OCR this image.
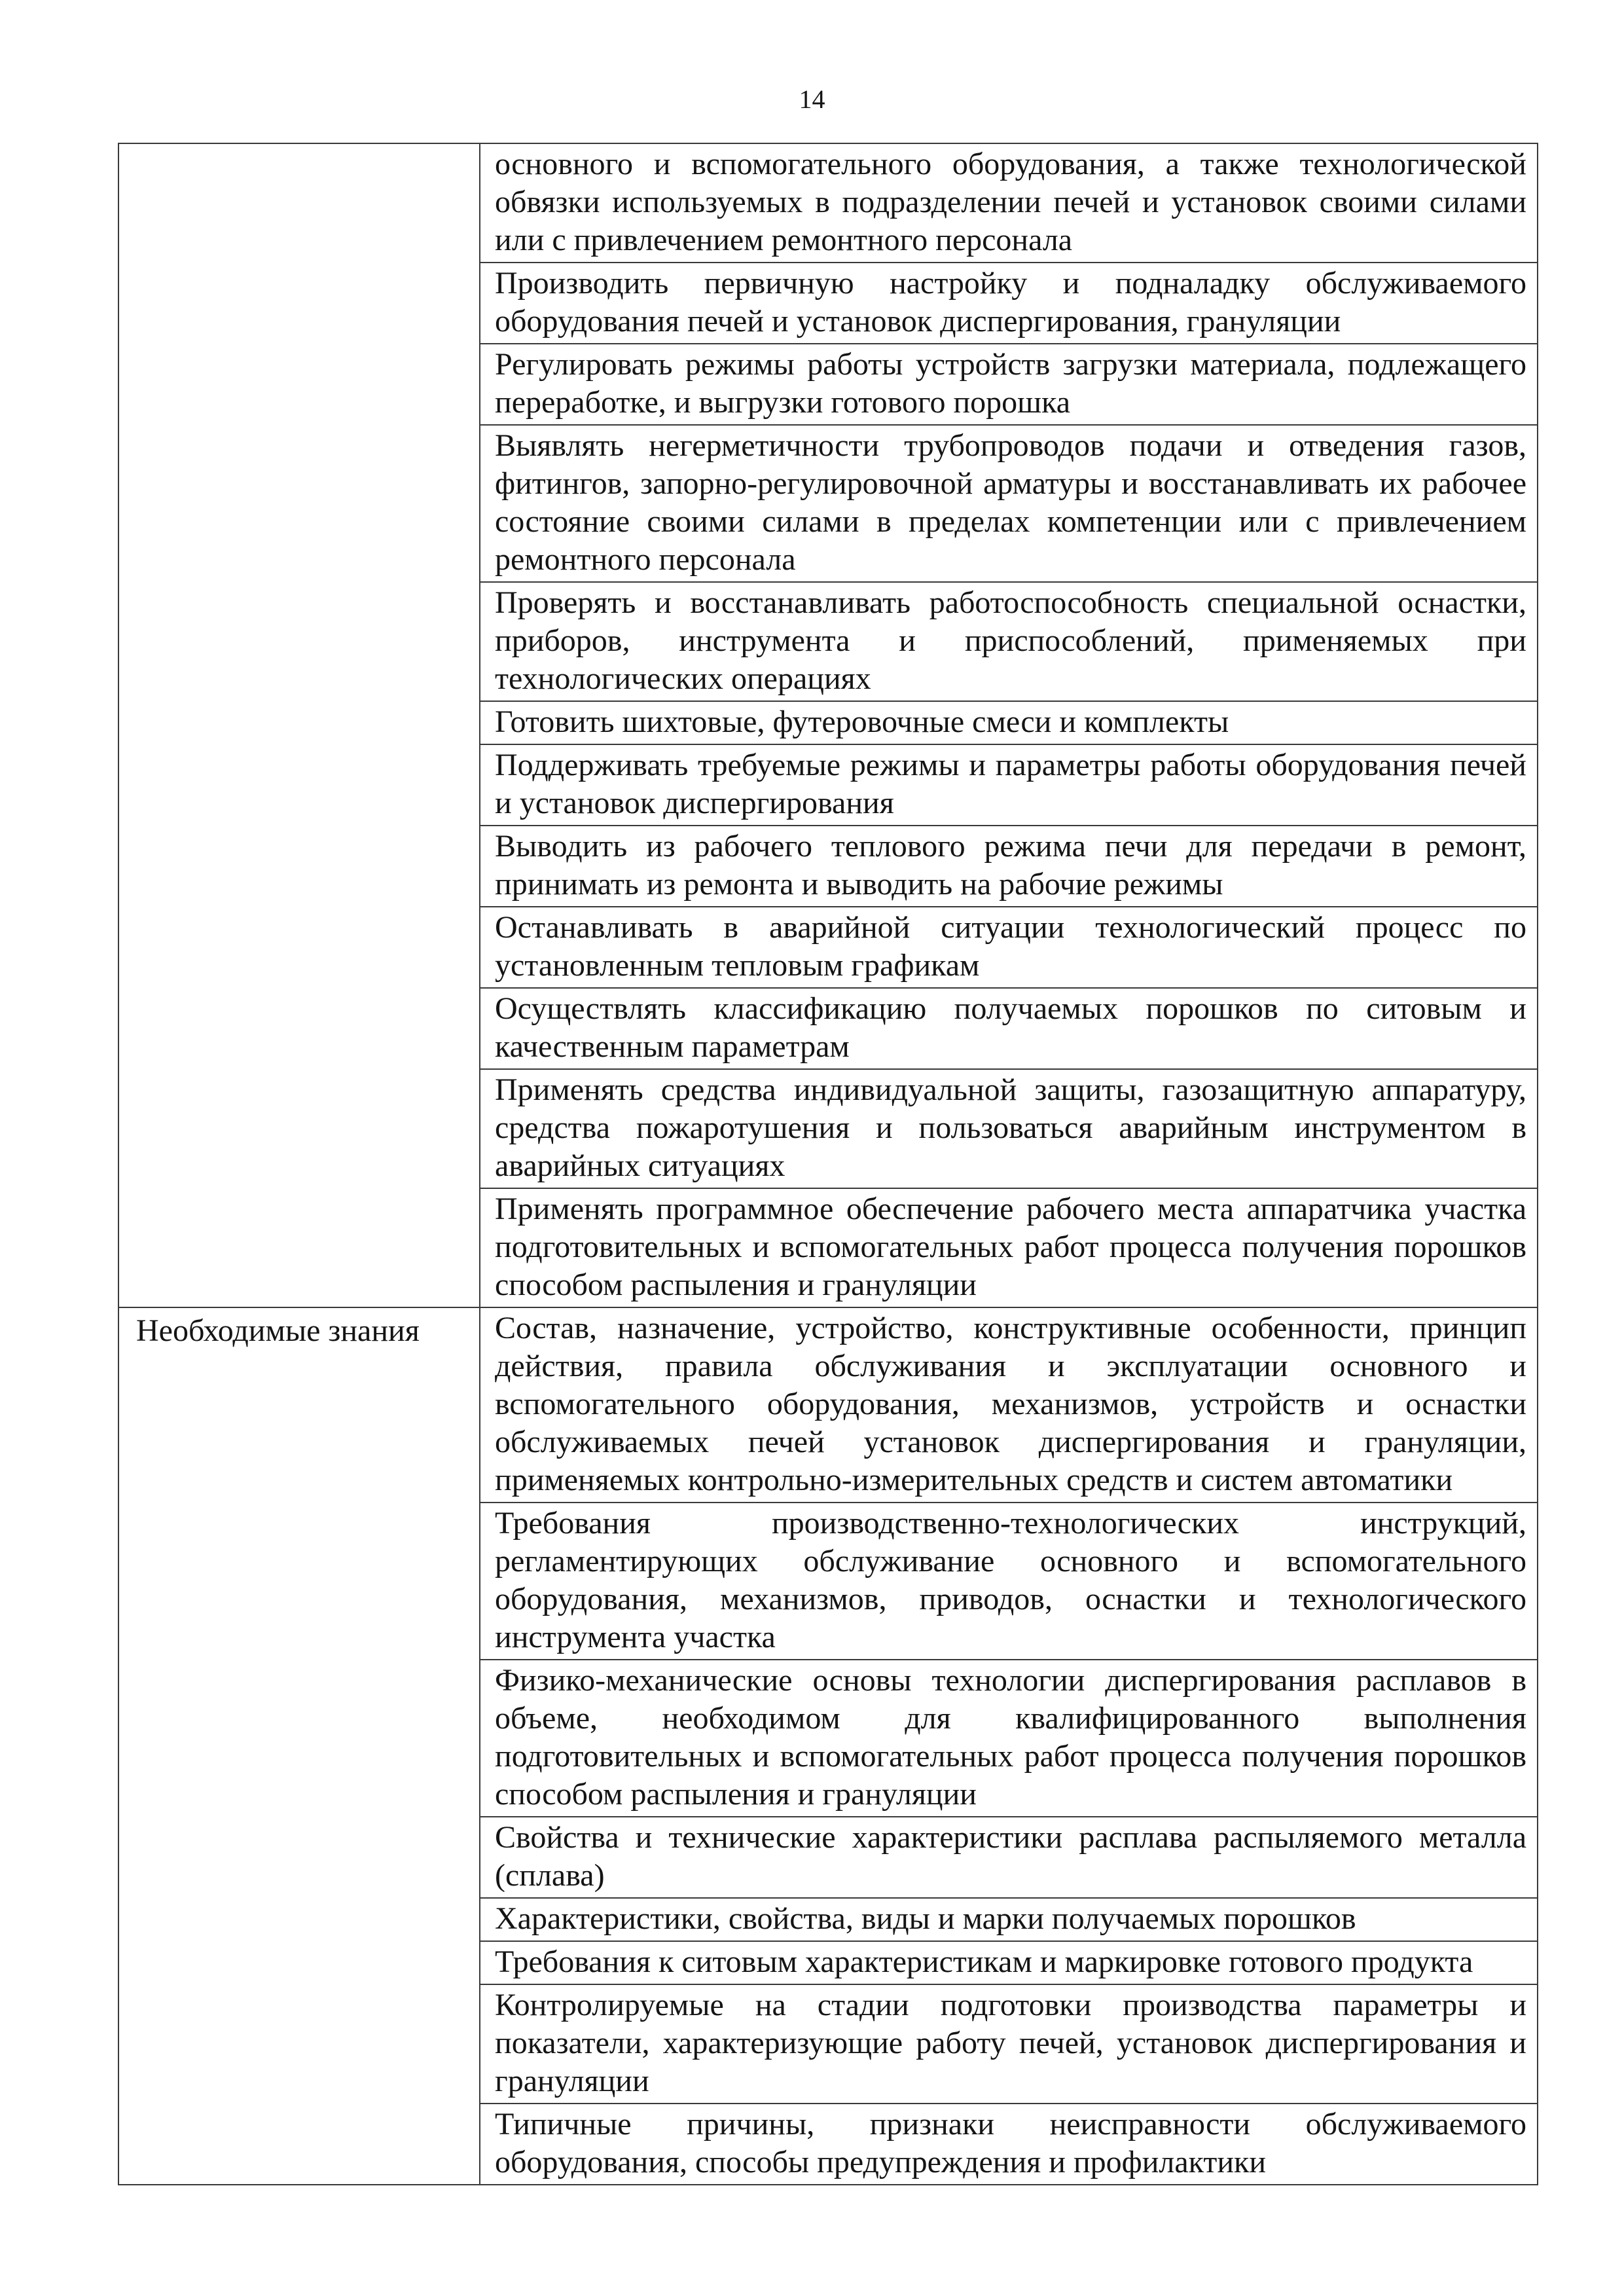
14
	основного и вспомогательного оборудования, а также технологической обвязки используемых в подразделении печей и установок своими силами или с привлечением ремонтного персонала
	Производить первичную настройку и подналадку обслуживаемого оборудования печей и установок диспергирования, грануляции
	Регулировать режимы работы устройств загрузки материала, подлежащего переработке, и выгрузки готового порошка
	Выявлять негерметичности трубопроводов подачи и отведения газов, фитингов, запорно-регулировочной арматуры и восстанавливать их рабочее состояние своими силами в пределах компетенции или с привлечением ремонтного персонала
	Проверять и восстанавливать работоспособность специальной оснастки, приборов, инструмента и приспособлений, применяемых при технологических операциях
	Готовить шихтовые, футеровочные смеси и комплекты
	Поддерживать требуемые режимы и параметры работы оборудования печей и установок диспергирования
	Выводить из рабочего теплового режима печи для передачи в ремонт, принимать из ремонта и выводить на рабочие режимы
	Останавливать в аварийной ситуации технологический процесс по установленным тепловым графикам
	Осуществлять классификацию получаемых порошков по ситовым и качественным параметрам
	Применять средства индивидуальной защиты, газозащитную аппаратуру, средства пожаротушения и пользоваться аварийным инструментом в аварийных ситуациях
	Применять программное обеспечение рабочего места аппаратчика участка подготовительных и вспомогательных работ процесса получения порошков способом распыления и грануляции
Необходимые знания	Состав, назначение, устройство, конструктивные особенности, принцип действия, правила обслуживания и эксплуатации основного и вспомогательного оборудования, механизмов, устройств и оснастки обслуживаемых печей установок диспергирования и грануляции, применяемых контрольно-измерительных средств и систем автоматики
	Требования производственно-технологических инструкций, регламентирующих обслуживание основного и вспомогательного оборудования, механизмов, приводов, оснастки и технологического инструмента участка
	Физико-механические основы технологии диспергирования расплавов в объеме, необходимом для квалифицированного выполнения подготовительных и вспомогательных работ процесса получения порошков способом распыления и грануляции
	Свойства и технические характеристики расплава распыляемого металла (сплава)
	Характеристики, свойства, виды и марки получаемых порошков
	Требования к ситовым характеристикам и маркировке готового продукта
	Контролируемые на стадии подготовки производства параметры и показатели, характеризующие работу печей, установок диспергирования и грануляции
	Типичные причины, признаки неисправности обслуживаемого оборудования, способы предупреждения и профилактики
